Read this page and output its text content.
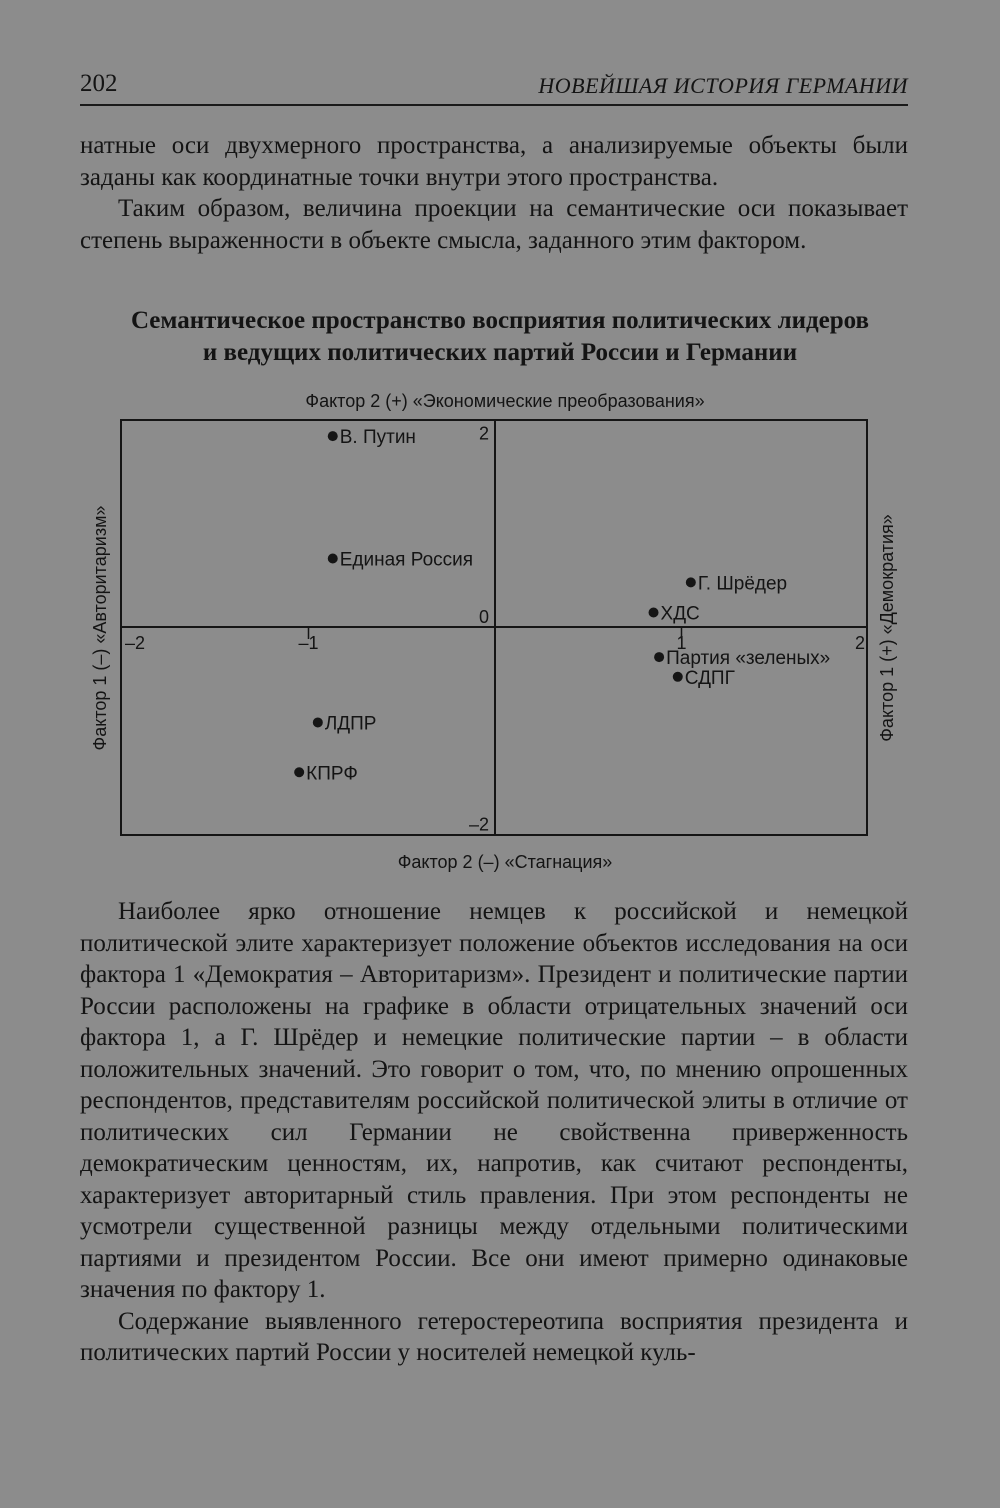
202	НОВЕЙШАЯ ИСТОРИЯ ГЕРМАНИИ

натные оси двухмерного пространства, а анализируемые объекты были заданы как координатные точки внутри этого пространства.

Таким образом, величина проекции на семантические оси показывает степень выраженности в объекте смысла, заданного этим фактором.

Семантическое пространство восприятия политических лидеров
и ведущих политических партий России и Германии
Фактор 2 (+) «Экономические преобразования»
Фактор 2 (–) «Стагнация»
Фактор 1 (–) «Авторитаризм»	Фактор 1 (+) «Демократия»
–2	–1	1	2
2
0
–2
В. Путин
Единая Россия
Г. Шрёдер
ХДС
Партия «зеленых»
СДПГ
ЛДПР
КПРФ

Наиболее ярко отношение немцев к российской и немецкой политической элите характеризует положение объектов исследования на оси фактора 1 «Демократия – Авторитаризм». Президент и политические партии России расположены на графике в области отрицательных значений оси фактора 1, а Г. Шрёдер и немецкие политические партии – в области положительных значений. Это говорит о том, что, по мнению опрошенных респондентов, представителям российской политической элиты в отличие от политических сил Германии не свойственна приверженность демократическим ценностям, их, напротив, как считают респонденты, характеризует авторитарный стиль правления. При этом респонденты не усмотрели существенной разницы между отдельными политическими партиями и президентом России. Все они имеют примерно одинаковые значения по фактору 1.

Содержание выявленного гетеростереотипа восприятия президента и политических партий России у носителей немецкой куль-
